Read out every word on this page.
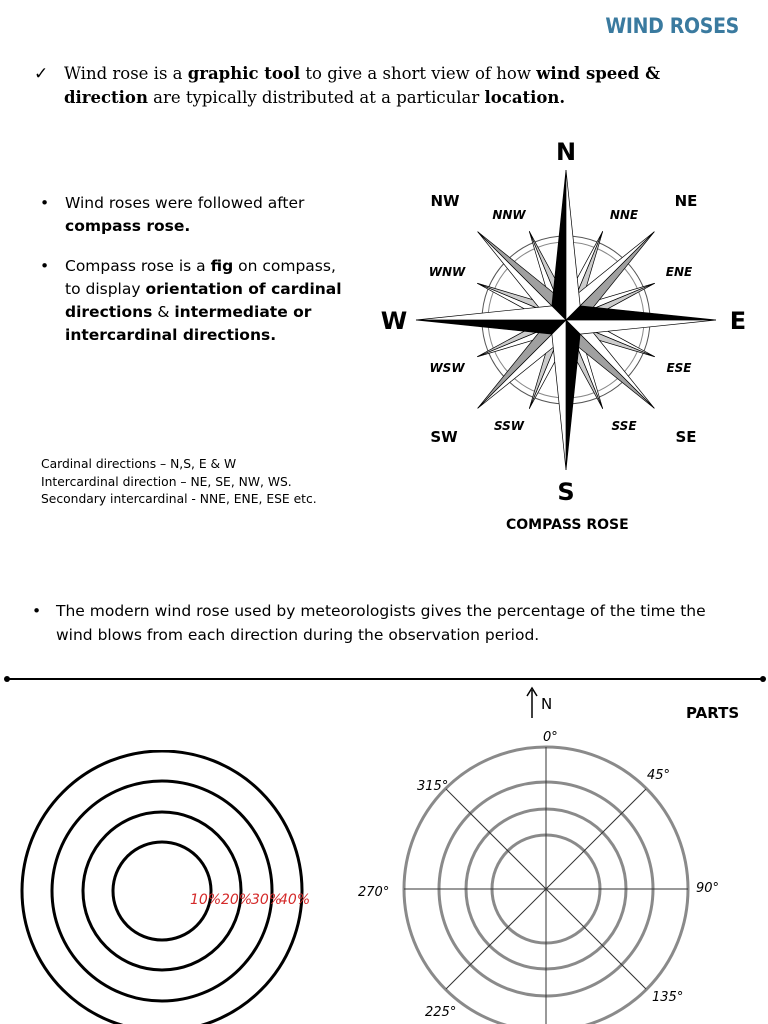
WIND ROSES
✓ Wind rose is a graphic tool to give a short view of how wind speed & direction are typically distributed at a particular location.
• Wind roses were followed after compass rose.
• Compass rose is a fig on compass, to display orientation of cardinal directions & intermediate or intercardinal directions.
Cardinal directions – N,S, E & W
Intercardinal direction – NE, SE, NW, WS.
Secondary intercardinal - NNE, ENE, ESE etc.
NNW	NNE
WNW	ENE
WSW	ESE
SSW	SSE
NW	NE
SW	SE
N
S
W	E
COMPASS ROSE
• The modern wind rose used by meteorologists gives the percentage of the time the wind blows from each direction during the observation period.
10% 20%
30%
40%
PARTS
N
0°
45°
90°
135°
225°
270°
315°
